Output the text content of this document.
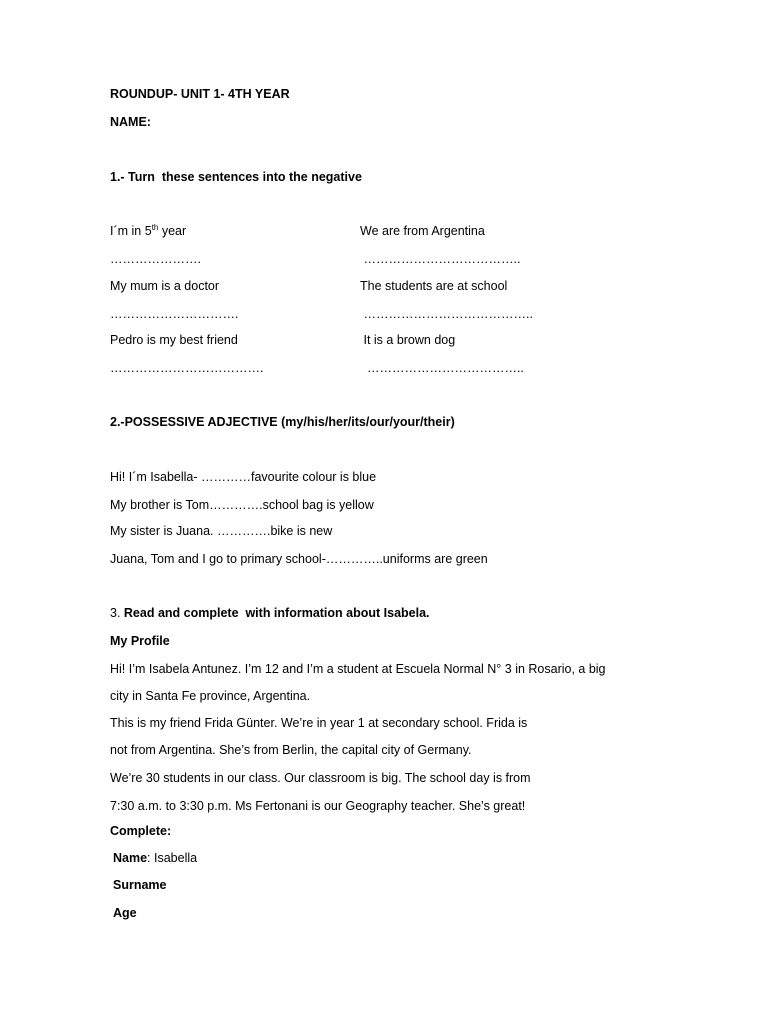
ROUNDUP- UNIT 1- 4TH YEAR
NAME:
1.- Turn  these sentences into the negative
I´m in 5th year	We are from Argentina
………………….	………………………………..
My mum is a doctor	The students are at school
………………………….	…………………………………..
Pedro is my best friend	It is a brown dog
……………………………….	………………………………..
2.-POSSESSIVE ADJECTIVE (my/his/her/its/our/your/their)
Hi! I´m Isabella- …………favourite colour is blue
My brother is Tom………….school bag is yellow
My sister is Juana. ………….bike is new
Juana, Tom and I go to primary school-…………..uniforms are green
3. Read and complete  with information about Isabela.
My Profile
Hi! I’m Isabela Antunez. I’m 12 and I’m a student at Escuela Normal N° 3 in Rosario, a big
city in Santa Fe province, Argentina.
This is my friend Frida Günter. We’re in year 1 at secondary school. Frida is
not from Argentina. She’s from Berlin, the capital city of Germany.
We’re 30 students in our class. Our classroom is big. The school day is from
7:30 a.m. to 3:30 p.m. Ms Fertonani is our Geography teacher. She’s great!
Complete:
Name: Isabella
Surname
Age
